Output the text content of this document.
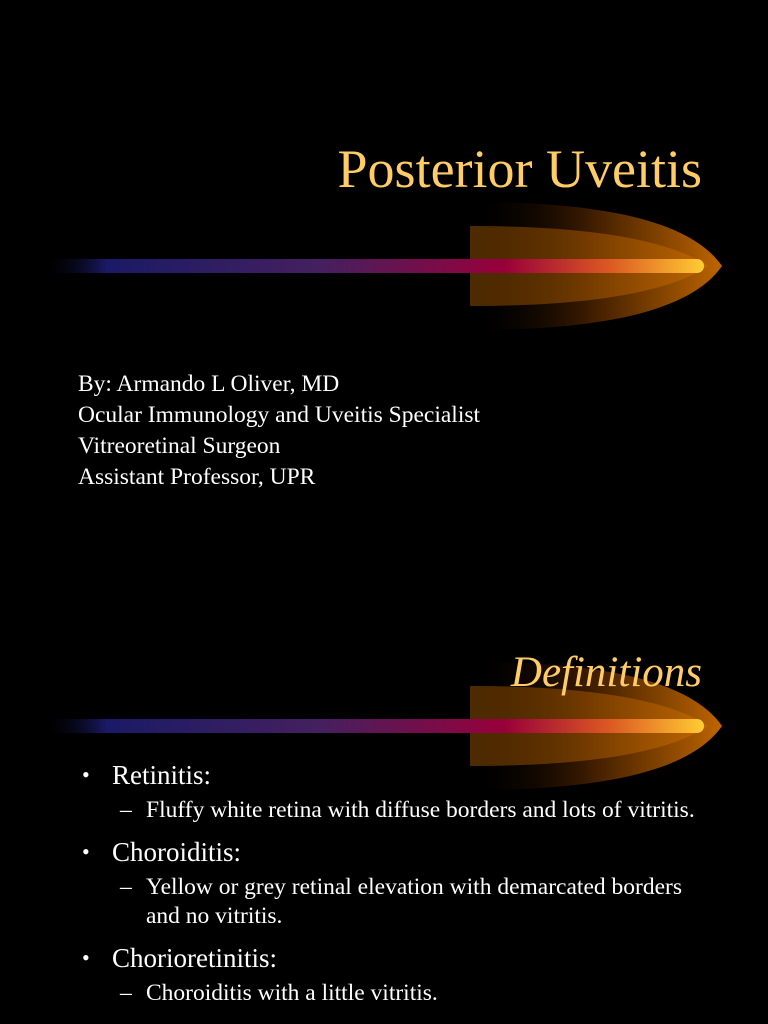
Posterior Uveitis
By: Armando L Oliver, MD
Ocular Immunology and Uveitis Specialist
Vitreoretinal Surgeon
Assistant Professor, UPR
Definitions
• Retinitis:
– Fluffy white retina with diffuse borders and lots of vitritis.
• Choroiditis:
– Yellow or grey retinal elevation with demarcated borders and no vitritis.
• Chorioretinitis:
– Choroiditis with a little vitritis.
